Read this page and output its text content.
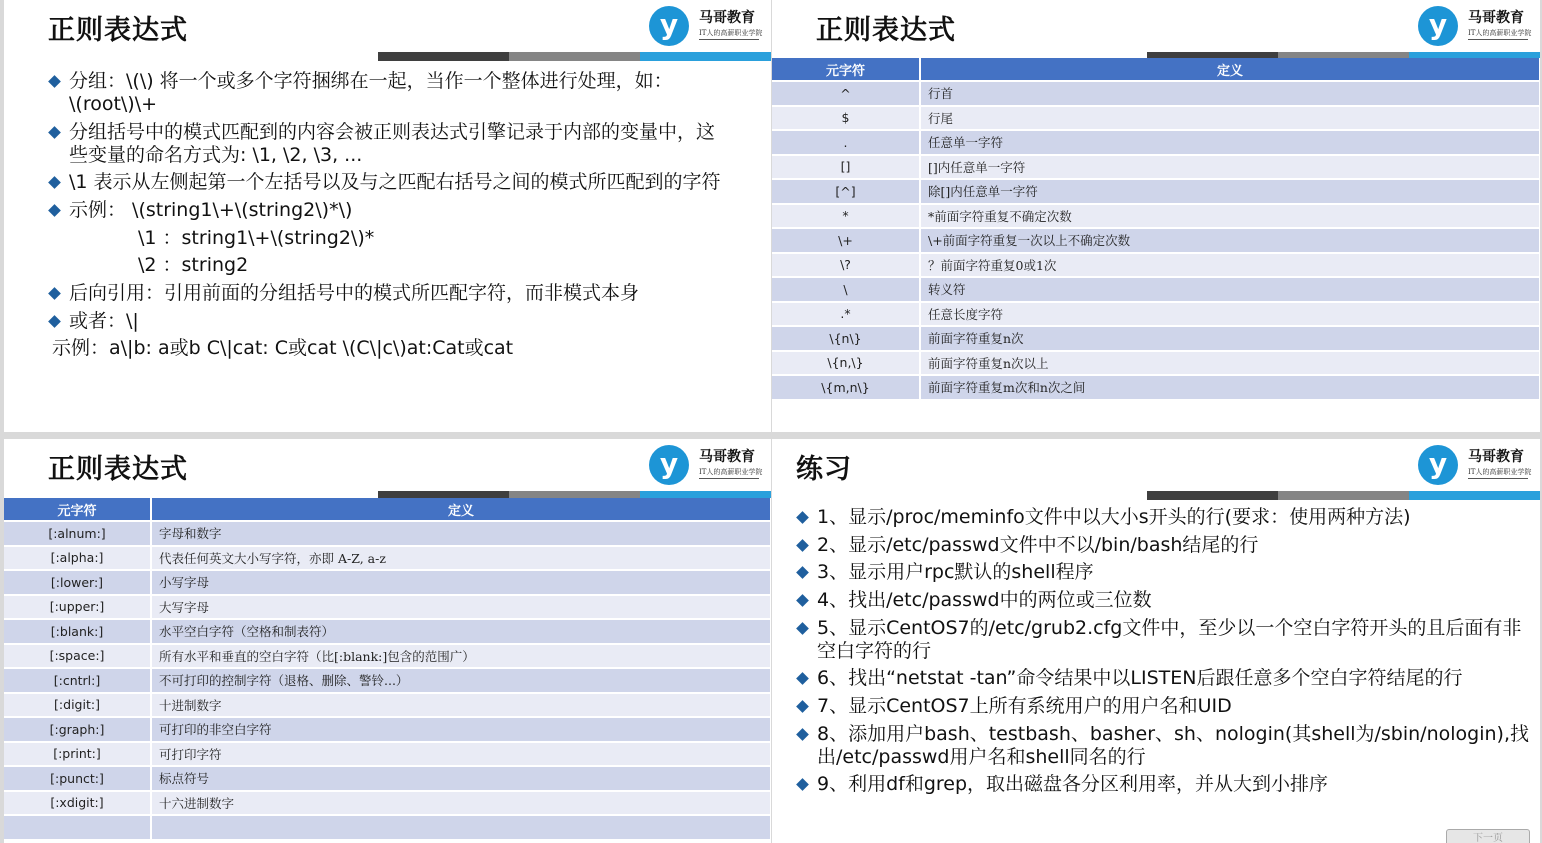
正则表达式	y	马哥教育
IT人的高薪职业学院
分组：\(\) 将一个或多个字符捆绑在一起，当作一个整体进行处理，如：
\(root\)\+
分组括号中的模式匹配到的内容会被正则表达式引擎记录于内部的变量中，这
些变量的命名方式为: \1, \2, \3, ...
\1 表示从左侧起第一个左括号以及与之匹配右括号之间的模式所匹配到的字符
示例： \(string1\+\(string2\)*\)
\1 ：string1\+\(string2\)*
\2 ：string2
后向引用：引用前面的分组括号中的模式所匹配字符，而非模式本身
或者：\|
示例：a\|b: a或b C\|cat: C或cat \(C\|c\)at:Cat或cat
正则表达式	y	马哥教育
IT人的高薪职业学院
元字符	定义
^	行首
$	行尾
.	任意单一字符
[]	[]内任意单一字符
[^]	除[]内任意单一字符
*	*前面字符重复不确定次数
\+	\+前面字符重复一次以上不确定次数
\?	？前面字符重复0或1次
\	转义符
.*	任意长度字符
\{n\}	前面字符重复n次
\{n,\}	前面字符重复n次以上
\{m,n\}	前面字符重复m次和n次之间
正则表达式	y	马哥教育
IT人的高薪职业学院
元字符	定义
[:alnum:]	字母和数字
[:alpha:]	代表任何英文大小写字符，亦即 A-Z, a-z
[:lower:]	小写字母
[:upper:]	大写字母
[:blank:]	水平空白字符（空格和制表符）
[:space:]	所有水平和垂直的空白字符（比[:blank:]包含的范围广）
[:cntrl:]	不可打印的控制字符（退格、删除、警铃...）
[:digit:]	十进制数字
[:graph:]	可打印的非空白字符
[:print:]	可打印字符
[:punct:]	标点符号
[:xdigit:]	十六进制数字

练习	y	马哥教育
IT人的高薪职业学院
1、显示/proc/meminfo文件中以大小s开头的行(要求：使用两种方法)
2、显示/etc/passwd文件中不以/bin/bash结尾的行
3、显示用户rpc默认的shell程序
4、找出/etc/passwd中的两位或三位数
5、显示CentOS7的/etc/grub2.cfg文件中，至少以一个空白字符开头的且后面有非
空白字符的行
6、找出“netstat -tan”命令结果中以LISTEN后跟任意多个空白字符结尾的行
7、显示CentOS7上所有系统用户的用户名和UID
8、添加用户bash、testbash、basher、sh、nologin(其shell为/sbin/nologin),找
出/etc/passwd用户名和shell同名的行
9、利用df和grep，取出磁盘各分区利用率，并从大到小排序
下一页
